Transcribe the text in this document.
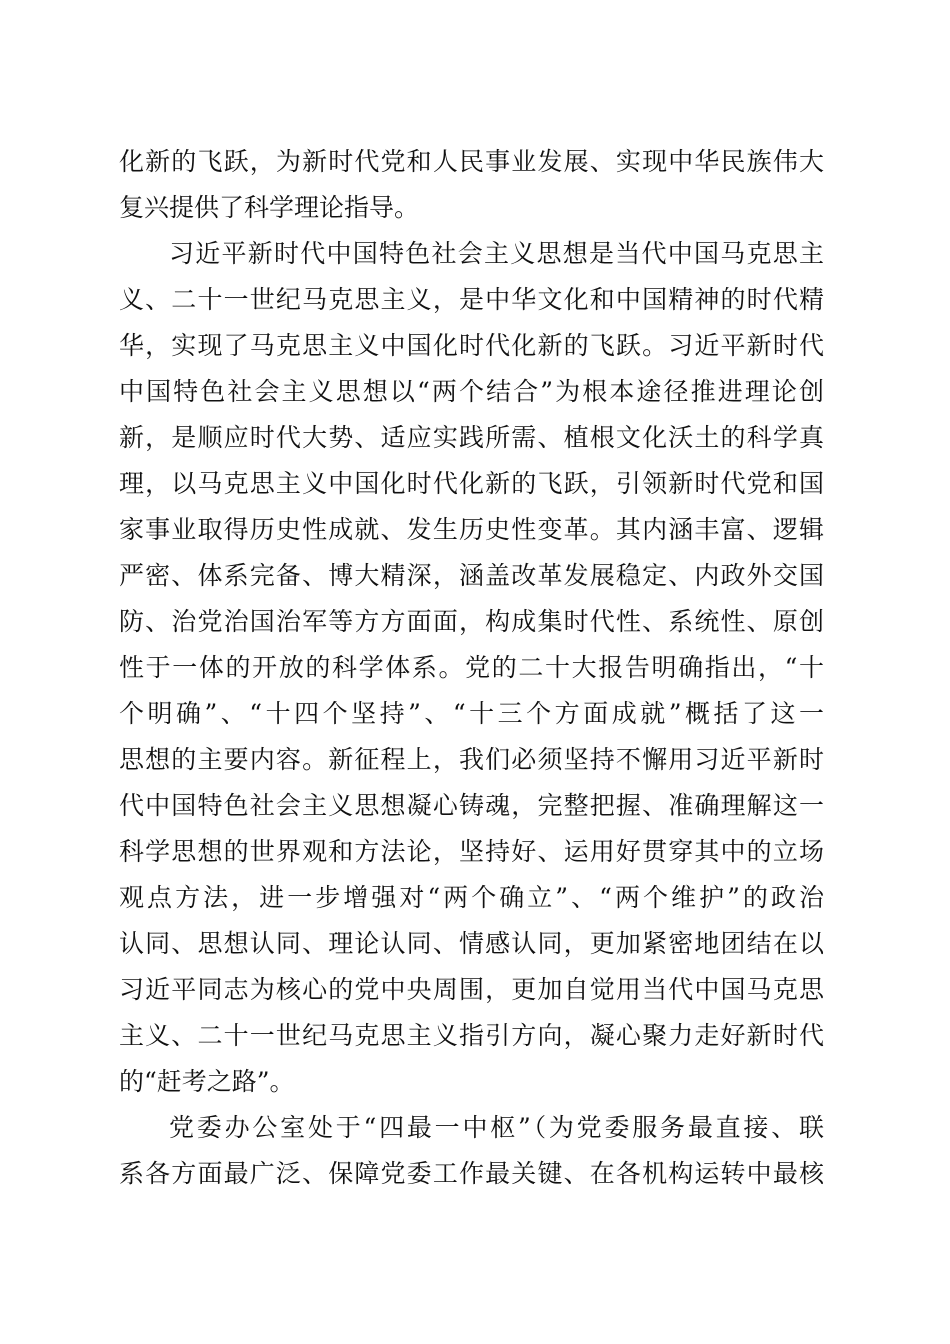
化新的飞跃，为新时代党和人民事业发展、实现中华民族伟大
复兴提供了科学理论指导。
习近平新时代中国特色社会主义思想是当代中国马克思主
义、二十一世纪马克思主义，是中华文化和中国精神的时代精
华，实现了马克思主义中国化时代化新的飞跃。习近平新时代
中国特色社会主义思想以“两个结合”为根本途径推进理论创
新，是顺应时代大势、适应实践所需、植根文化沃土的科学真
理，以马克思主义中国化时代化新的飞跃，引领新时代党和国
家事业取得历史性成就、发生历史性变革。其内涵丰富、逻辑
严密、体系完备、博大精深，涵盖改革发展稳定、内政外交国
防、治党治国治军等方方面面，构成集时代性、系统性、原创
性于一体的开放的科学体系。党的二十大报告明确指出，“十
个明确”、“十四个坚持”、“十三个方面成就”概括了这一
思想的主要内容。新征程上，我们必须坚持不懈用习近平新时
代中国特色社会主义思想凝心铸魂，完整把握、准确理解这一
科学思想的世界观和方法论，坚持好、运用好贯穿其中的立场
观点方法，进一步增强对“两个确立”、“两个维护”的政治
认同、思想认同、理论认同、情感认同，更加紧密地团结在以
习近平同志为核心的党中央周围，更加自觉用当代中国马克思
主义、二十一世纪马克思主义指引方向，凝心聚力走好新时代
的“赶考之路”。
党委办公室处于“四最一中枢”（为党委服务最直接、联
系各方面最广泛、保障党委工作最关键、在各机构运转中最核
